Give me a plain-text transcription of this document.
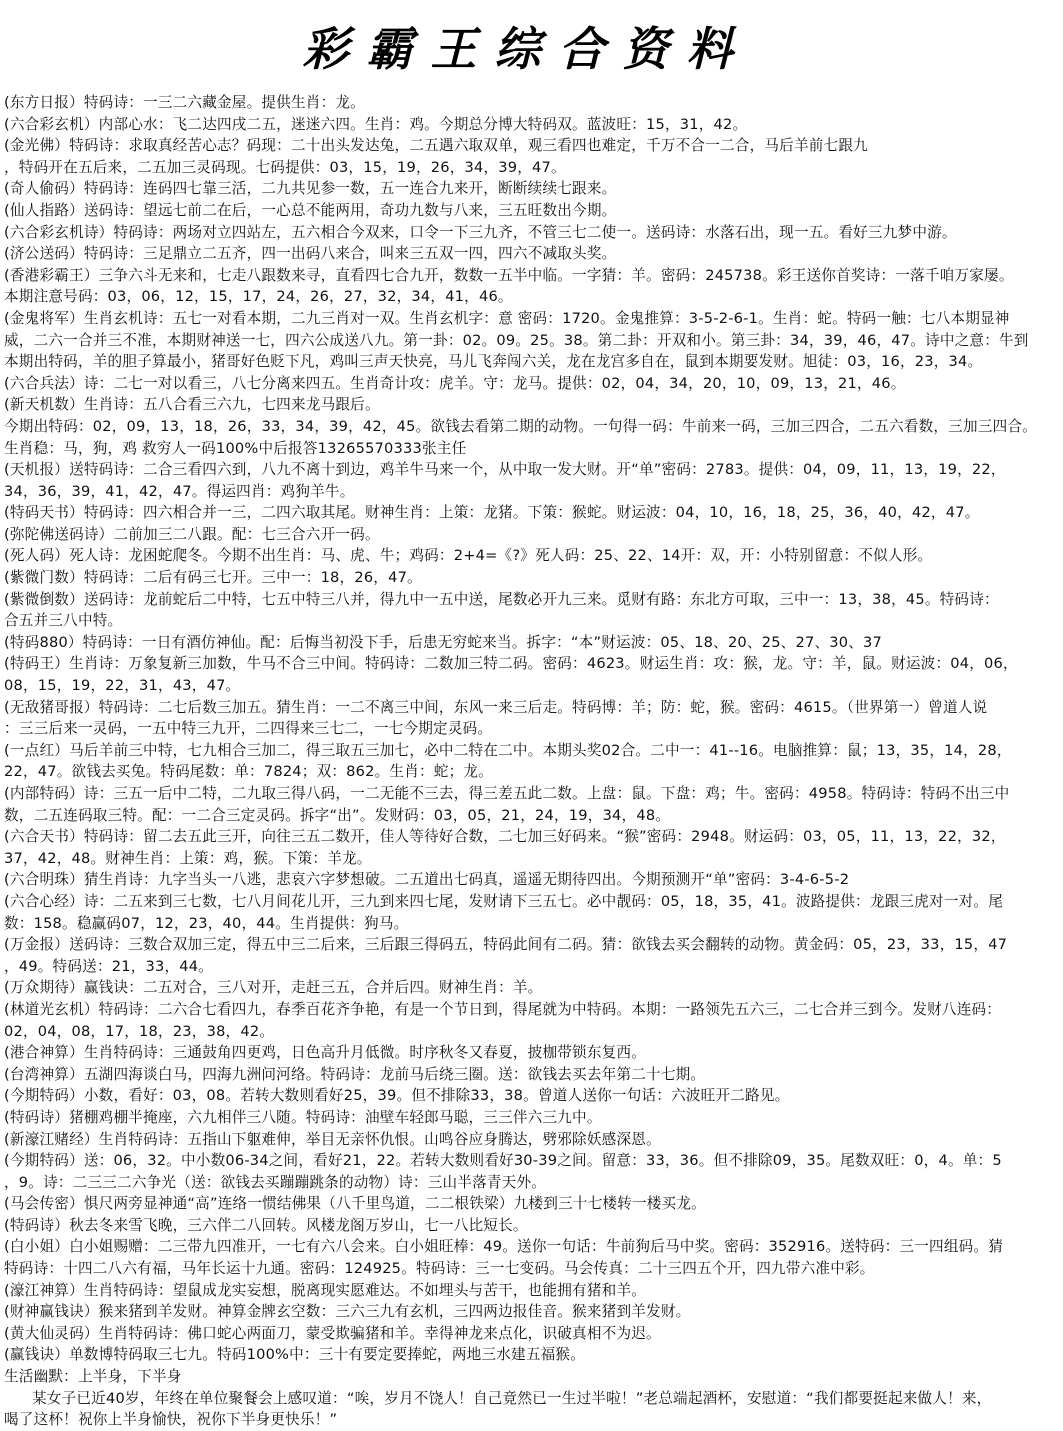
彩霸王综合资料
(东方日报）特码诗：一三二六藏金屋。提供生肖：龙。
(六合彩玄机）内部心水：飞二达四戌二五，迷迷六四。生肖：鸡。今期总分博大特码双。蓝波旺：15，31，42。
(金光佛）特码诗：求取真经苦心志？码现：二十出头发达兔，二五遇六取双单，观三看四也难定，千万不合一二合，马后羊前七跟九
，特码开在五后来，二五加三灵码现。七码提供：03，15，19，26，34，39，47。
(奇人偷码）特码诗：连码四七靠三活，二九共见参一数，五一连合九来开，断断续续七跟来。
(仙人指路）送码诗：望远七前二在后，一心总不能两用，奇功九数与八来，三五旺数出今期。
(六合彩玄机诗）特码诗：两场对立四站左，五六相合今双来，口令一下三九齐，不管三七二使一。送码诗：水落石出，现一五。看好三九梦中游。
(济公送码）特码诗：三足鼎立二五齐，四一出码八来合，叫来三五双一四，四六不减取头奖。
(香港彩霸王）三争六斗无来和，七走八跟数来寻，直看四七合九开，数数一五半中临。一字猜：羊。密码：245738。彩王送你首奖诗：一落千咱万家屡。
本期注意号码：03，06，12，15，17，24，26，27，32，34，41，46。
(金鬼将军）生肖玄机诗：五七一对看本期，二九三肖对一双。生肖玄机字：意 密码：1720。金鬼推算：3-5-2-6-1。生肖：蛇。特码一触：七八本期显神
威，二六一合并三不准，本期财神送一七，四六公成送八九。第一卦：02。09。25。38。第二卦：开双和小。第三卦：34，39，46，47。诗中之意：牛到
本期出特码，羊的胆子算最小，猪哥好色贬下凡，鸡叫三声天快亮，马儿飞奔闯六关，龙在龙宫多自在，鼠到本期要发财。旭徒：03，16，23，34。
(六合兵法）诗：二七一对以看三，八七分离来四五。生肖奇计攻：虎羊。守：龙马。提供：02，04，34，20，10，09，13，21，46。
(新天机数）生肖诗：五八合看三六九，七四来龙马跟后。
今期出特码：02，09，13，18，26，33，34，39，42，45。欲钱去看第二期的动物。一句得一码：牛前来一码，三加三四合，二五六看数，三加三四合。
生肖稳：马，狗，鸡 救穷人一码100%中后报答13265570333张主任
(天机报）送特码诗：二合三看四六到，八九不离十到边，鸡羊牛马来一个，从中取一发大财。开“单”密码：2783。提供：04，09，11，13，19，22，
34，36，39，41，42，47。得运四肖：鸡狗羊牛。
(特码天书）特码诗：四六相合并一三，二四六取其尾。财神生肖：上策：龙猪。下策：猴蛇。财运波：04，10，16，18，25，36，40，42，47。
(弥陀佛送码诗）二前加三二八跟。配：七三合六开一码。
(死人码）死人诗：龙困蛇爬冬。今期不出生肖：马、虎、牛；鸡码：2+4=《?》死人码：25、22、14开：双，开：小特别留意：不似人形。
(紫微门数）特码诗：二后有码三七开。三中一：18，26，47。
(紫微倒数）送码诗：龙前蛇后二中特，七五中特三八并，得九中一五中送，尾数必开九三来。觅财有路：东北方可取，三中一：13，38，45。特码诗：
合五并三八中特。
(特码880）特码诗：一日有酒仿神仙。配：后悔当初没下手，后患无穷蛇来当。拆字：“本”财运波：05、18、20、25、27、30、37
(特码王）生肖诗：万象复新三加数，牛马不合三中间。特码诗：二数加三特二码。密码：4623。财运生肖：攻：猴，龙。守：羊，鼠。财运波：04，06，
08，15，19，22，31，43，47。
(无敌猪哥报）特码诗：二七后数三加五。猜生肖：一二不离三中间，东风一来三后走。特码博：羊；防：蛇，猴。密码：4615。（世界第一）曾道人说
：三三后来一灵码，一五中特三九开，二四得来三七二，一七今期定灵码。
(一点红）马后羊前三中特，七九相合三加二，得三取五三加七，必中二特在二中。本期头奖02合。二中一：41--16。电脑推算：鼠；13，35，14，28，
22，47。欲钱去买兔。特码尾数：单：7824；双：862。生肖：蛇；龙。
(内部特码）诗：三五一后中二特，二九取三得八码，一二无能不三去，得三差五此二数。上盘：鼠。下盘：鸡；牛。密码：4958。特码诗：特码不出三中
数，二五连码取三特。配：一二合三定灵码。拆字“出”。发财码：03，05，21，24，19，34，48。
(六合天书）特码诗：留二去五此三开，向往三五二数开，佳人等待好合数，二七加三好码来。“猴”密码：2948。财运码：03，05，11，13，22，32，
37，42，48。财神生肖：上策：鸡，猴。下策：羊龙。
(六合明珠）猜生肖诗：九字当头一八逃，悲哀六字梦想破。二五道出七码真，遥遥无期待四出。今期预测开“单”密码：3-4-6-5-2
(六合心经）诗：二五来到三七数，七八月间花儿开，三九到来四七尾，发财请下三五七。必中靓码：05，18，35，41。波路提供：龙跟三虎对一对。尾
数：158。稳赢码07，12，23，40，44。生肖提供：狗马。
(万金报）送码诗：三数合双加三定，得五中三二后来，三后跟三得码五，特码此间有二码。猜：欲钱去买会翻转的动物。黄金码：05，23，33，15，47
，49。特码送：21，33，44。
(万众期待）赢钱诀：二五对合，三八对开，走赶三五，合并后四。财神生肖：羊。
(林道光玄机）特码诗：二六合七看四九，春季百花齐争艳，有是一个节日到，得尾就为中特码。本期：一路领先五六三，二七合并三到今。发财八连码：
02，04，08，17，18，23，38，42。
(港合神算）生肖特码诗：三通鼓角四更鸡，日色高升月低微。时序秋冬又春夏，披枷带锁东复西。
(台湾神算）五湖四海谈白马，四海九洲问河络。特码诗：龙前马后绕三圈。送：欲钱去买去年第二十七期。
(今期特码）小数，看好：03，08。若转大数则看好25，39。但不排除33，38。曾道人送你一句话：六波旺开二路见。
(特码诗）猪棚鸡棚半掩座，六九相伴三八随。特码诗：油壁车轻郎马聪，三三伴六三九中。
(新濠江赌经）生肖特码诗：五指山下躯难伸，举目无亲怀仇恨。山鸣谷应身腾达，劈邪除妖感深恩。
(今期特码）送：06，32。中小数06-34之间，看好21，22。若转大数则看好30-39之间。留意：33，36。但不排除09，35。尾数双旺：0，4。单：5
，9。诗：二三三二六争光（送：欲钱去买蹦蹦跳条的动物）诗：三山半落青天外。
(马会传密）惧尺两旁显神通“高”连络一惯结佛果（八千里鸟道，二二根铁梁）九楼到三十七楼转一楼买龙。
(特码诗）秋去冬来雪飞晚，三六伴二八回转。风楼龙阁万岁山，七一八比短长。
(白小姐）白小姐赐赠：二三带九四准开，一七有六八会来。白小姐旺棒：49。送你一句话：牛前狗后马中奖。密码：352916。送特码：三一四组码。猜
特码诗：十四二八六有福，马年长运十九通。密码：124925。特码诗：三一七变码。马会传真：二十三四五个开，四九带六准中彩。
(濠江神算）生肖特码诗：望鼠成龙实妄想，脱离现实愿难达。不如埋头与苦干，也能拥有猪和羊。
(财神赢钱诀）猴来猪到羊发财。神算金牌玄空数：三六三九有玄机，三四两边报佳音。猴来猪到羊发财。
(黄大仙灵码）生肖特码诗：佛口蛇心两面刀，蒙受欺骗猪和羊。幸得神龙来点化，识破真相不为迟。
(赢钱诀）单数博特码取三七九。特码100%中：三十有要定要捧蛇，两地三水建五福猴。
生活幽默：上半身，下半身
某女子已近40岁，年终在单位聚餐会上感叹道：“唉，岁月不饶人！自己竟然已一生过半啦！”老总端起酒杯，安慰道：“我们都要挺起来做人！来，
喝了这杯！祝你上半身愉快，祝你下半身更快乐！”
